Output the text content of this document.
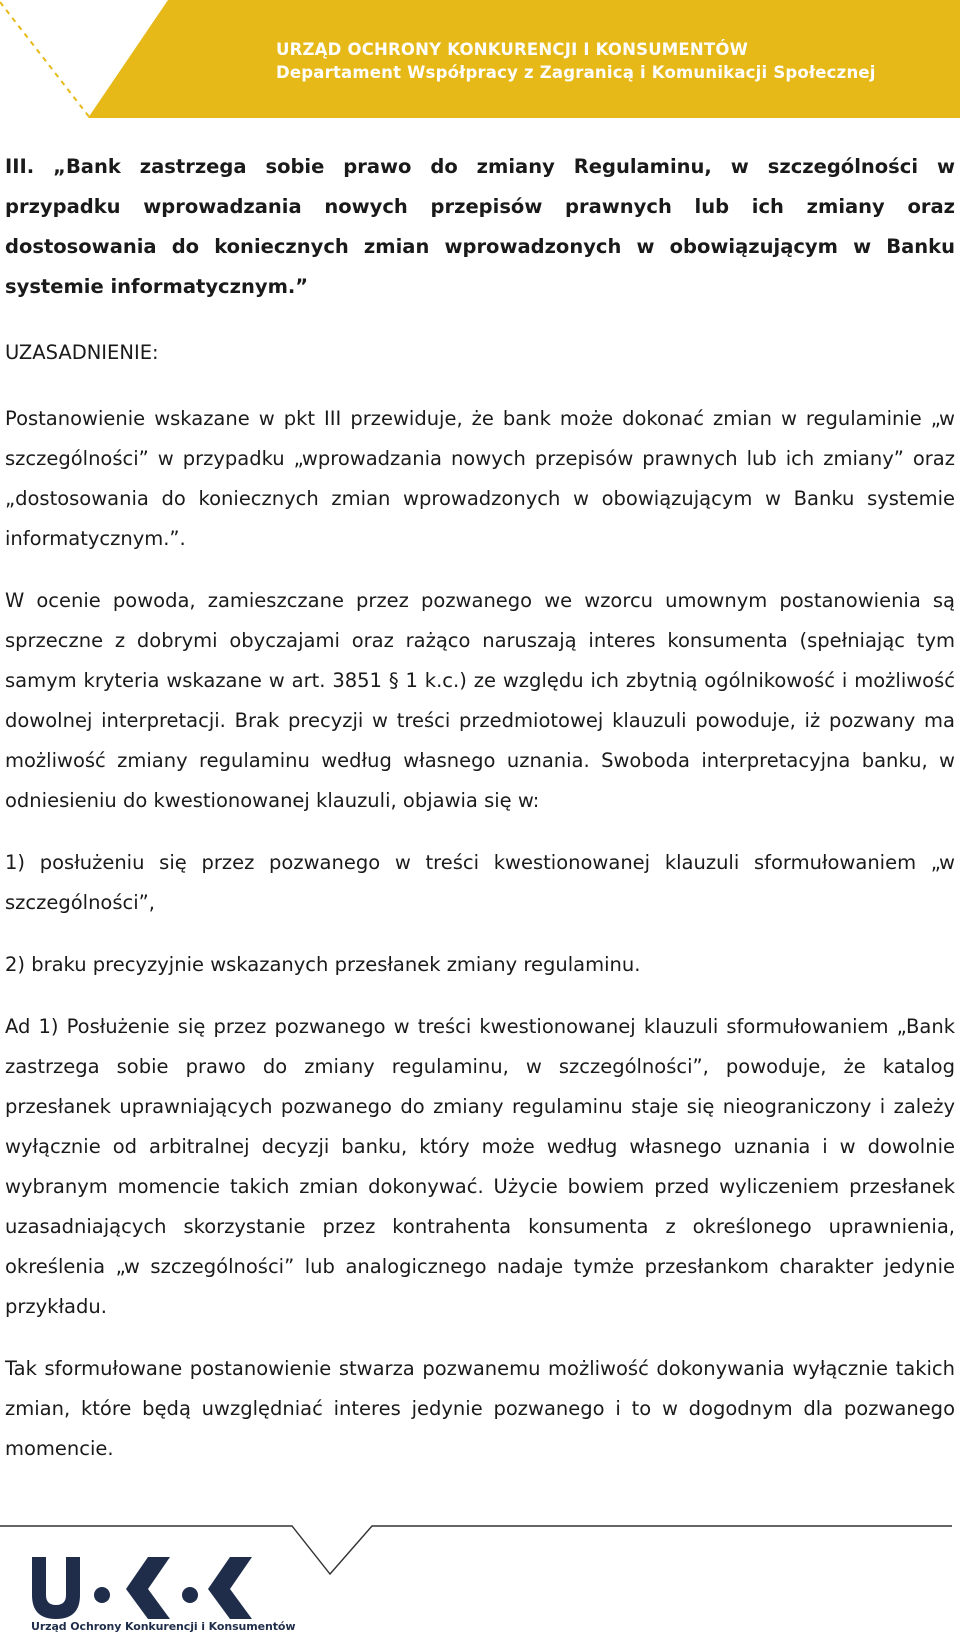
URZĄD OCHRONY KONKURENCJI I KONSUMENTÓW
Departament Współpracy z Zagranicą i Komunikacji Społecznej

III. „Bank zastrzega sobie prawo do zmiany Regulaminu, w szczególności w przypadku wprowadzania nowych przepisów prawnych lub ich zmiany oraz dostosowania do koniecznych zmian wprowadzonych w obowiązującym w Banku systemie informatycznym.”

UZASADNIENIE:

Postanowienie wskazane w pkt III przewiduje, że bank może dokonać zmian w regulaminie „w szczególności” w przypadku „wprowadzania nowych przepisów prawnych lub ich zmiany” oraz „dostosowania do koniecznych zmian wprowadzonych w obowiązującym w Banku systemie informatycznym.”.

W ocenie powoda, zamieszczane przez pozwanego we wzorcu umownym postanowienia są sprzeczne z dobrymi obyczajami oraz rażąco naruszają interes konsumenta (spełniając tym samym kryteria wskazane w art. 3851 § 1 k.c.) ze względu ich zbytnią ogólnikowość i możliwość dowolnej interpretacji. Brak precyzji w treści przedmiotowej klauzuli powoduje, iż pozwany ma możliwość zmiany regulaminu według własnego uznania. Swoboda interpretacyjna banku, w odniesieniu do kwestionowanej klauzuli, objawia się w:

1) posłużeniu się przez pozwanego w treści kwestionowanej klauzuli sformułowaniem „w szczególności”,

2) braku precyzyjnie wskazanych przesłanek zmiany regulaminu.

Ad 1) Posłużenie się przez pozwanego w treści kwestionowanej klauzuli sformułowaniem „Bank zastrzega sobie prawo do zmiany regulaminu, w szczególności”, powoduje, że katalog przesłanek uprawniających pozwanego do zmiany regulaminu staje się nieograniczony i zależy wyłącznie od arbitralnej decyzji banku, który może według własnego uznania i w dowolnie wybranym momencie takich zmian dokonywać. Użycie bowiem przed wyliczeniem przesłanek uzasadniających skorzystanie przez kontrahenta konsumenta z określonego uprawnienia, określenia „w szczególności” lub analogicznego nadaje tymże przesłankom charakter jedynie przykładu.

Tak sformułowane postanowienie stwarza pozwanemu możliwość dokonywania wyłącznie takich zmian, które będą uwzględniać interes jedynie pozwanego i to w dogodnym dla pozwanego momencie.

Urząd Ochrony Konkurencji i Konsumentów
